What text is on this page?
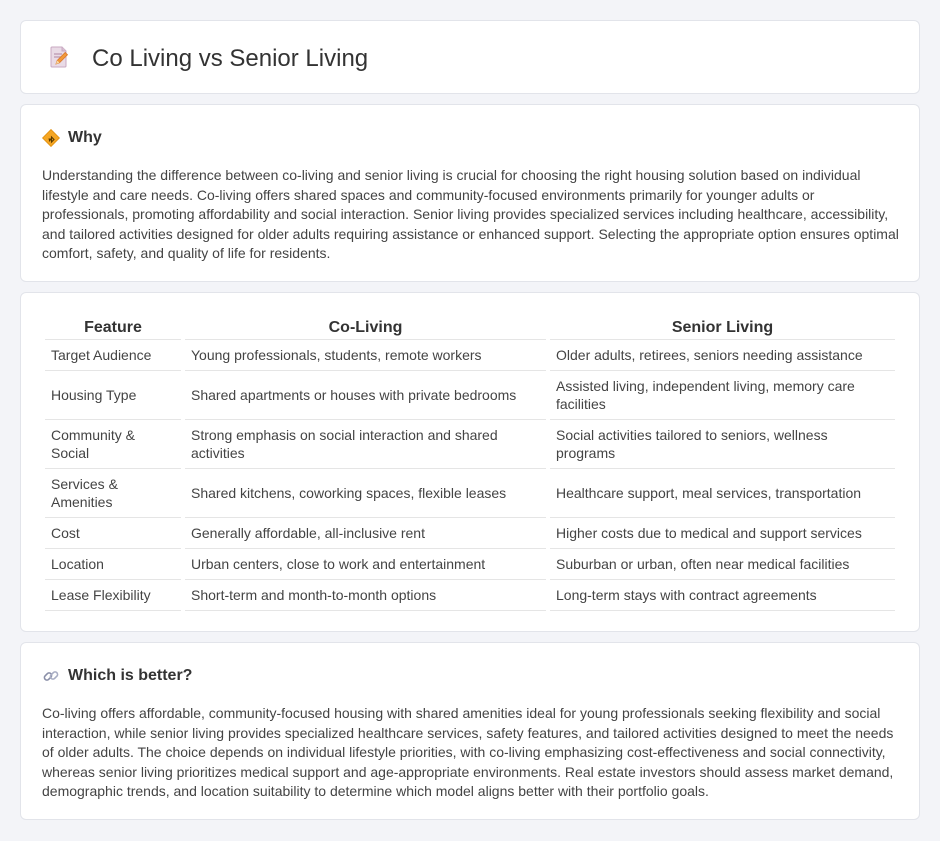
Co Living vs Senior Living
Why

Understanding the difference between co-living and senior living is crucial for choosing the right housing solution based on individual lifestyle and care needs. Co-living offers shared spaces and community-focused environments primarily for younger adults or professionals, promoting affordability and social interaction. Senior living provides specialized services including healthcare, accessibility, and tailored activities designed for older adults requiring assistance or enhanced support. Selecting the appropriate option ensures optimal comfort, safety, and quality of life for residents.

Feature	Co-Living	Senior Living
Target Audience	Young professionals, students, remote workers	Older adults, retirees, seniors needing assistance
Housing Type	Shared apartments or houses with private bedrooms	Assisted living, independent living, memory care facilities
Community & Social	Strong emphasis on social interaction and shared activities	Social activities tailored to seniors, wellness programs
Services & Amenities	Shared kitchens, coworking spaces, flexible leases	Healthcare support, meal services, transportation
Cost	Generally affordable, all-inclusive rent	Higher costs due to medical and support services
Location	Urban centers, close to work and entertainment	Suburban or urban, often near medical facilities
Lease Flexibility	Short-term and month-to-month options	Long-term stays with contract agreements
Which is better?

Co-living offers affordable, community-focused housing with shared amenities ideal for young professionals seeking flexibility and social interaction, while senior living provides specialized healthcare services, safety features, and tailored activities designed to meet the needs of older adults. The choice depends on individual lifestyle priorities, with co-living emphasizing cost-effectiveness and social connectivity, whereas senior living prioritizes medical support and age-appropriate environments. Real estate investors should assess market demand, demographic trends, and location suitability to determine which model aligns better with their portfolio goals.
